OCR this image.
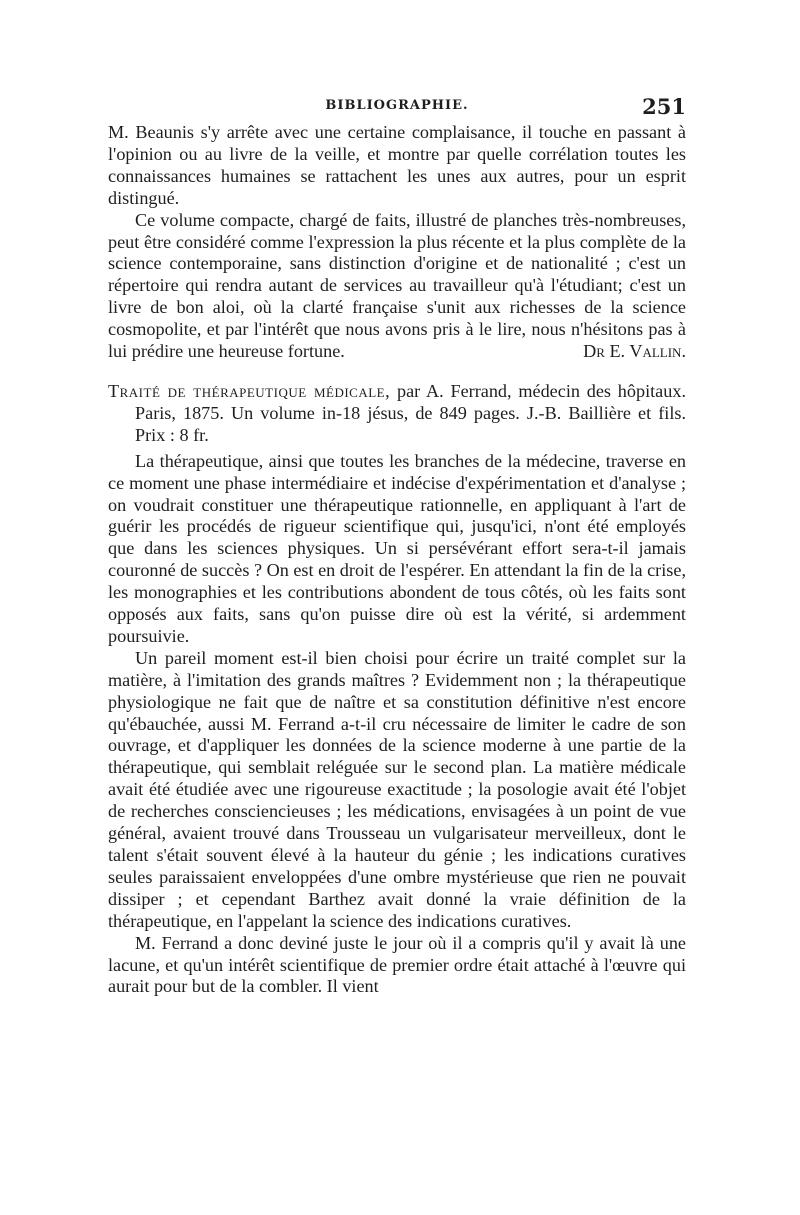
BIBLIOGRAPHIE.	251

M. Beaunis s'y arrête avec une certaine complaisance, il touche en passant à l'opinion ou au livre de la veille, et montre par quelle corrélation toutes les connaissances humaines se rattachent les unes aux autres, pour un esprit distingué.

Ce volume compacte, chargé de faits, illustré de planches très-nombreuses, peut être considéré comme l'expression la plus récente et la plus complète de la science contemporaine, sans distinction d'origine et de nationalité ; c'est un répertoire qui rendra autant de services au travailleur qu'à l'étudiant; c'est un livre de bon aloi, où la clarté française s'unit aux richesses de la science cosmopolite, et par l'intérêt que nous avons pris à le lire, nous n'hésitons pas à lui prédire une heureuse fortune.	Dr E. Vallin.

Traité de thérapeutique médicale, par A. Ferrand, médecin des hôpitaux. Paris, 1875. Un volume in-18 jésus, de 849 pages. J.-B. Baillière et fils. Prix : 8 fr.

La thérapeutique, ainsi que toutes les branches de la médecine, traverse en ce moment une phase intermédiaire et indécise d'expérimentation et d'analyse ; on voudrait constituer une thérapeutique rationnelle, en appliquant à l'art de guérir les procédés de rigueur scientifique qui, jusqu'ici, n'ont été employés que dans les sciences physiques. Un si persévérant effort sera-t-il jamais couronné de succès ? On est en droit de l'espérer. En attendant la fin de la crise, les monographies et les contributions abondent de tous côtés, où les faits sont opposés aux faits, sans qu'on puisse dire où est la vérité, si ardemment poursuivie.

Un pareil moment est-il bien choisi pour écrire un traité complet sur la matière, à l'imitation des grands maîtres ? Evidemment non ; la thérapeutique physiologique ne fait que de naître et sa constitution définitive n'est encore qu'ébauchée, aussi M. Ferrand a-t-il cru nécessaire de limiter le cadre de son ouvrage, et d'appliquer les données de la science moderne à une partie de la thérapeutique, qui semblait reléguée sur le second plan. La matière médicale avait été étudiée avec une rigoureuse exactitude ; la posologie avait été l'objet de recherches consciencieuses ; les médications, envisagées à un point de vue général, avaient trouvé dans Trousseau un vulgarisateur merveilleux, dont le talent s'était souvent élevé à la hauteur du génie ; les indications curatives seules paraissaient enveloppées d'une ombre mystérieuse que rien ne pouvait dissiper ; et cependant Barthez avait donné la vraie définition de la thérapeutique, en l'appelant la science des indications curatives.

M. Ferrand a donc deviné juste le jour où il a compris qu'il y avait là une lacune, et qu'un intérêt scientifique de premier ordre était attaché à l'œuvre qui aurait pour but de la combler. Il vient
